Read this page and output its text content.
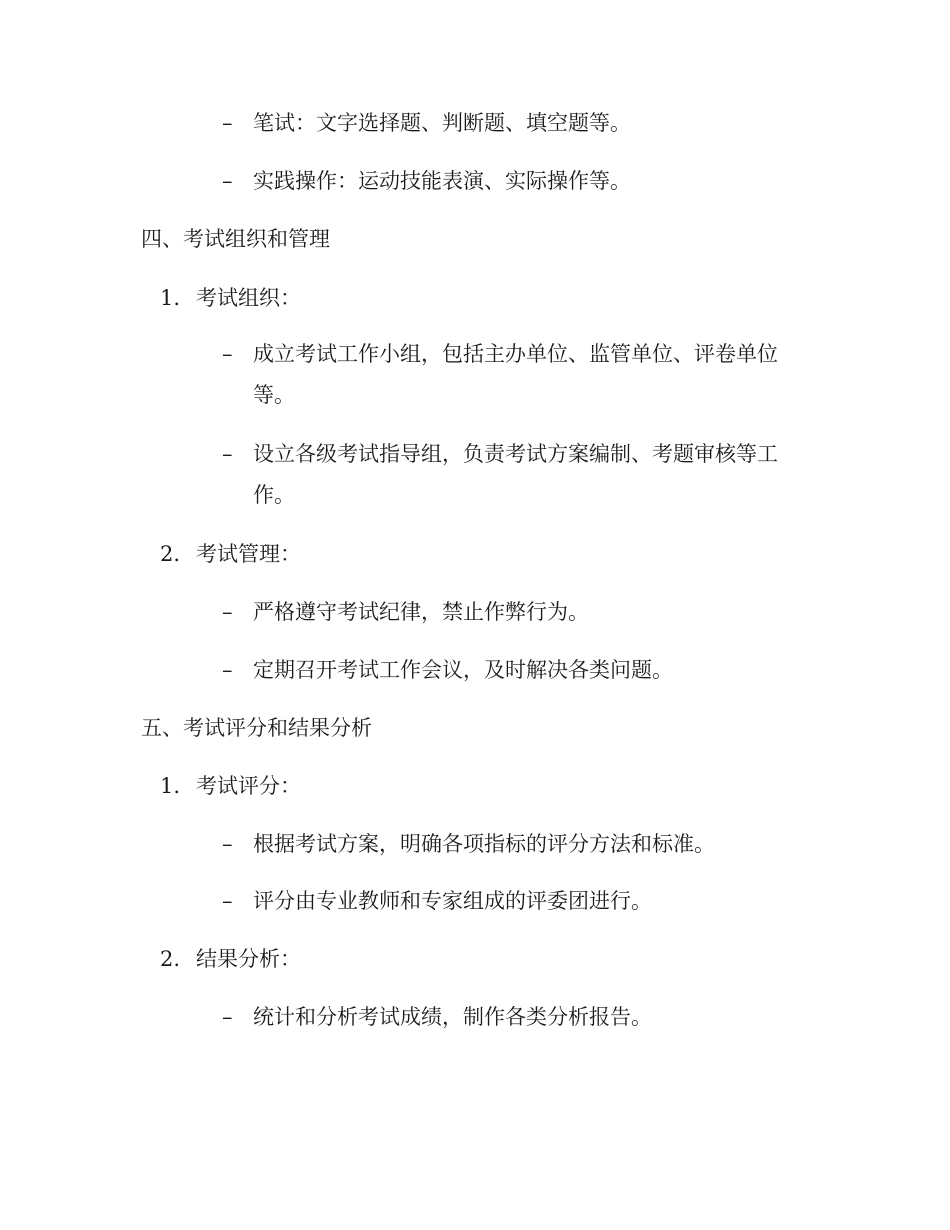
– 笔试：文字选择题、判断题、填空题等。
– 实践操作：运动技能表演、实际操作等。
四、考试组织和管理
1. 考试组织：
– 成立考试工作小组，包括主办单位、监管单位、评卷单位
等。
– 设立各级考试指导组，负责考试方案编制、考题审核等工
作。
2. 考试管理：
– 严格遵守考试纪律，禁止作弊行为。
– 定期召开考试工作会议，及时解决各类问题。
五、考试评分和结果分析
1. 考试评分：
– 根据考试方案，明确各项指标的评分方法和标准。
– 评分由专业教师和专家组成的评委团进行。
2. 结果分析：
– 统计和分析考试成绩，制作各类分析报告。
